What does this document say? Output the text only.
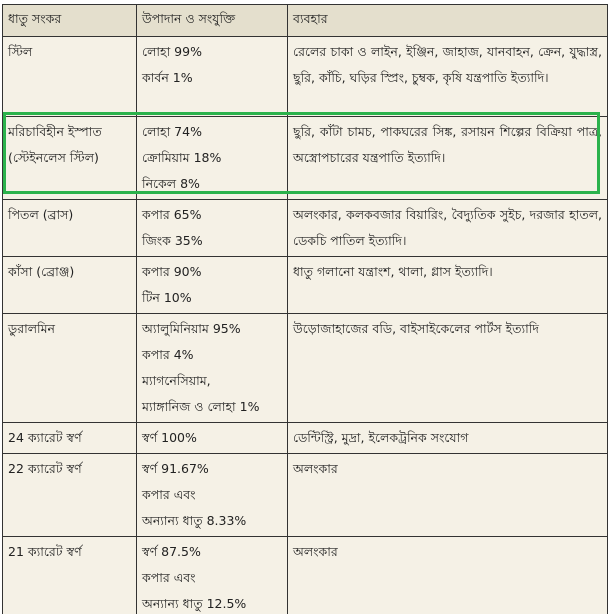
ধাতু সংকর	উপাদান ও সংযুক্তি	ব্যবহার

স্টিল	লোহা 99%
কার্বন 1%	রেলের চাকা ও লাইন, ইঞ্জিন, জাহাজ, যানবাহন, ক্রেন, যুদ্ধাস্ত্র, ছুরি, কাঁচি, ঘড়ির স্প্রিং, চুম্বক, কৃষি যন্ত্রপাতি ইত্যাদি।

মরিচাবিহীন ইস্পাত
(স্টেইনলেস স্টিল)	লোহা 74%
ক্রোমিয়াম 18%
নিকেল 8%	ছুরি, কাঁটা চামচ, পাকঘরের সিঙ্ক, রসায়ন শিল্পের বিক্রিয়া পাত্র, অস্ত্রোপচারের যন্ত্রপাতি ইত্যাদি।

পিতল (ব্রাস)	কপার 65%
জিংক 35%	অলংকার, কলকবজার বিয়ারিং, বৈদ্যুতিক সুইচ, দরজার হাতল, ডেকচি পাতিল ইত্যাদি।

কাঁসা (ব্রোঞ্জ)	কপার 90%
টিন 10%	ধাতু গলানো যন্ত্রাংশ, থালা, গ্লাস ইত্যাদি।

ডুরালমিন	অ্যালুমিনিয়াম 95%
কপার 4%
ম্যাগনেসিয়াম,
ম্যাঙ্গানিজ ও লোহা 1%	উড়োজাহাজের বডি, বাইসাইকেলের পার্টস ইত্যাদি

24 ক্যারেট স্বর্ণ	স্বর্ণ 100%	ডেন্টিস্ট্রি, মুদ্রা, ইলেকট্রনিক সংযোগ

22 ক্যারেট স্বর্ণ	স্বর্ণ 91.67%
কপার এবং
অন্যান্য ধাতু 8.33%	অলংকার

21 ক্যারেট স্বর্ণ	স্বর্ণ 87.5%
কপার এবং
অন্যান্য ধাতু 12.5%	অলংকার
